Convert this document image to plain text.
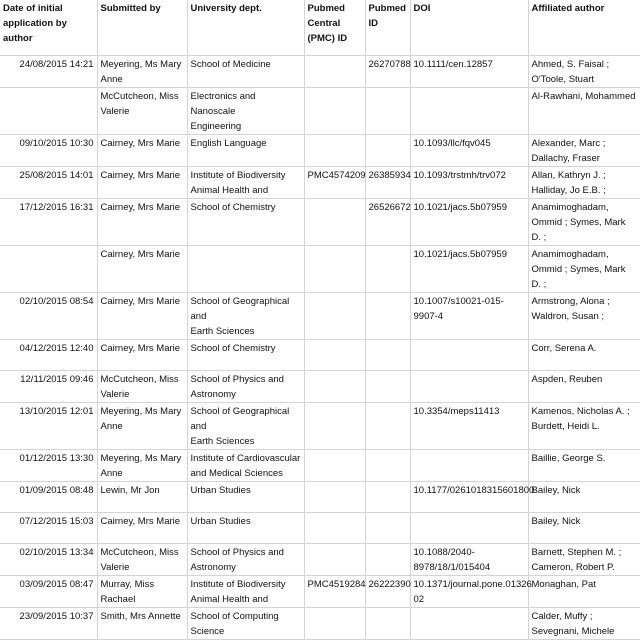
Date of initial application by author	Submitted by	University dept.	Pubmed Central (PMC) ID	Pubmed ID	DOI	Affiliated author

24/08/2015 14:21	Meyering, Ms Mary
Anne	School of Medicine		26270788	10.1111/cen.12857	Ahmed, S. Faisal ;
O'Toole, Stuart

	McCutcheon, Miss
Valerie	Electronics and Nanoscale
Engineering				Al-Rawhani, Mohammed

09/10/2015 10:30	Cairney, Mrs Marie	English Language			10.1093/llc/fqv045	Alexander, Marc ;
Dallachy, Fraser

25/08/2015 14:01	Cairney, Mrs Marie	Institute of Biodiversity
Animal Health and	PMC4574209	26385934	10.1093/trstmh/trv072	Allan, Kathryn J. ;
Halliday, Jo E.B. ;

17/12/2015 16:31	Cairney, Mrs Marie	School of Chemistry		26526672	10.1021/jacs.5b07959	Anamimoghadam,
Ommid ; Symes, Mark D. ;

	Cairney, Mrs Marie				10.1021/jacs.5b07959	Anamimoghadam,
Ommid ; Symes, Mark D. ;

02/10/2015 08:54	Cairney, Mrs Marie	School of Geographical and
Earth Sciences			10.1007/s10021-015-9907-4	Armstrong, Alona ;
Waldron, Susan ;

04/12/2015 12:40	Cairney, Mrs Marie	School of Chemistry				Corr, Serena A.

12/11/2015 09:46	McCutcheon, Miss
Valerie	School of Physics and
Astronomy				Aspden, Reuben

13/10/2015 12:01	Meyering, Ms Mary
Anne	School of Geographical and
Earth Sciences			10.3354/meps11413	Kamenos, Nicholas A. ;
Burdett, Heidi L.

01/12/2015 13:30	Meyering, Ms Mary
Anne	Institute of Cardiovascular
and Medical Sciences				Baillie, George S.

01/09/2015 08:48	Lewin, Mr Jon	Urban Studies			10.1177/0261018315601800	Bailey, Nick

07/12/2015 15:03	Cairney, Mrs Marie	Urban Studies				Bailey, Nick

02/10/2015 13:34	McCutcheon, Miss
Valerie	School of Physics and
Astronomy			10.1088/2040-
8978/18/1/015404	Barnett, Stephen M. ;
Cameron, Robert P.

03/09/2015 08:47	Murray, Miss
Rachael	Institute of Biodiversity
Animal Health and	PMC4519284	26222390	10.1371/journal.pone.01326
02	Monaghan, Pat

23/09/2015 10:37	Smith, Mrs Annette	School of Computing
Science				Calder, Muffy ;
Sevegnani, Michele
